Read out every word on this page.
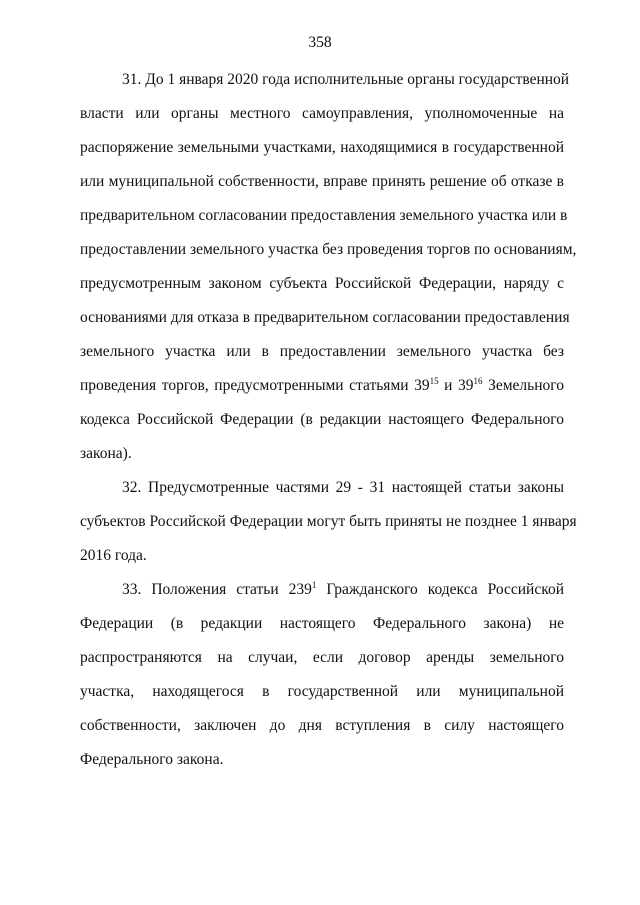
358
31. До 1 января 2020 года исполнительные органы государственной
власти или органы местного самоуправления, уполномоченные на
распоряжение земельными участками, находящимися в государственной
или муниципальной собственности, вправе принять решение об отказе в
предварительном согласовании предоставления земельного участка или в
предоставлении земельного участка без проведения торгов по основаниям,
предусмотренным законом субъекта Российской Федерации, наряду с
основаниями для отказа в предварительном согласовании предоставления
земельного участка или в предоставлении земельного участка без
проведения торгов, предусмотренными статьями $39^{15}$ и $39^{16}$ Земельного
кодекса Российской Федерации (в редакции настоящего Федерального
закона).
32. Предусмотренные частями 29 - 31 настоящей статьи законы
субъектов Российской Федерации могут быть приняты не позднее 1 января
2016 года.
33. Положения статьи $239^1$ Гражданского кодекса Российской
Федерации (в редакции настоящего Федерального закона) не
распространяются на случаи, если договор аренды земельного
участка, находящегося в государственной или муниципальной
собственности, заключен до дня вступления в силу настоящего
Федерального закона.
